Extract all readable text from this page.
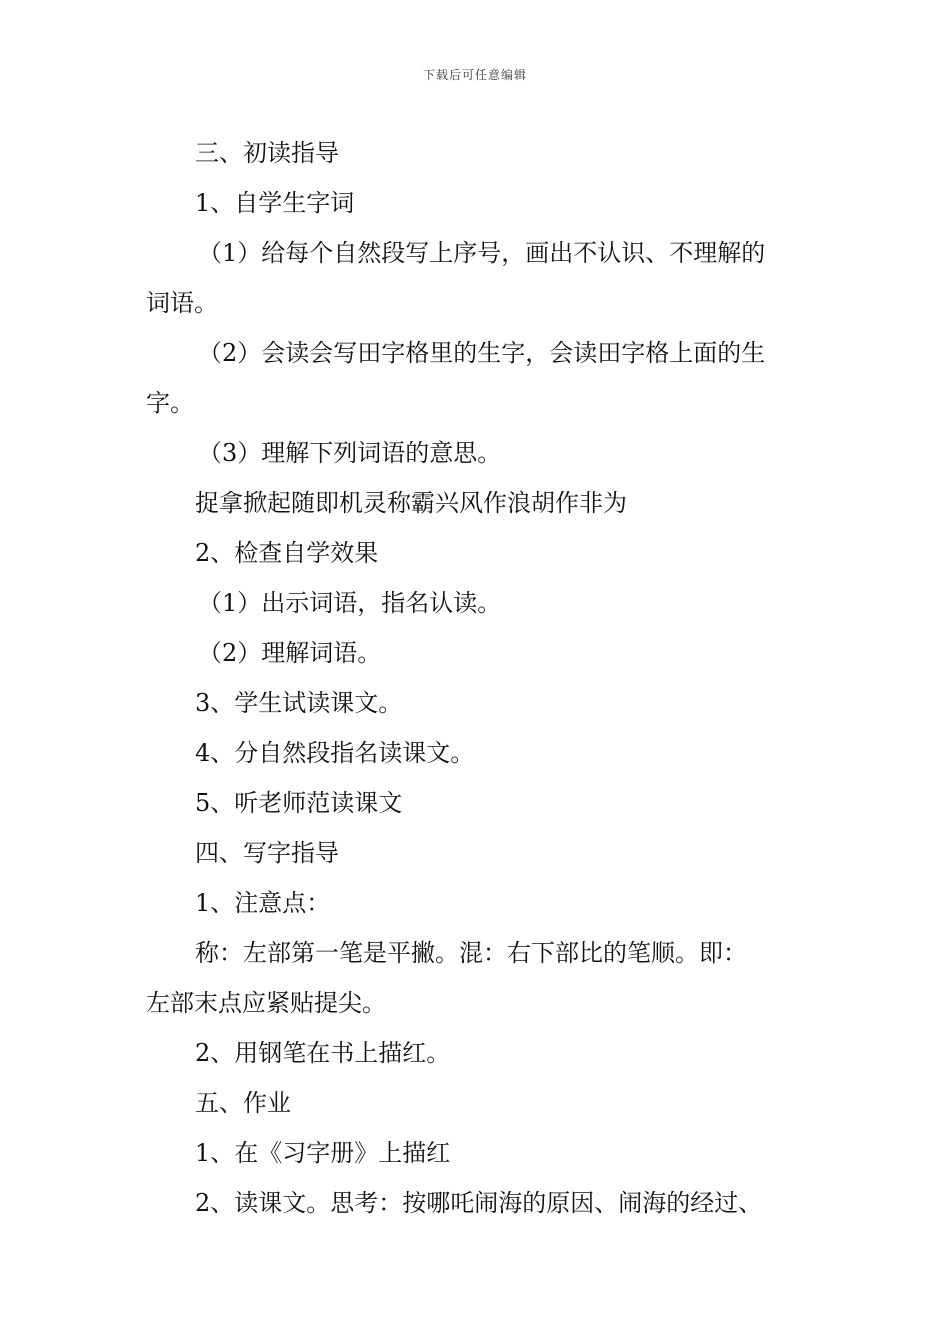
下载后可任意编辑
三、初读指导
1、自学生字词
（1）给每个自然段写上序号，画出不认识、不理解的
词语。
（2）会读会写田字格里的生字，会读田字格上面的生
字。
（3）理解下列词语的意思。
捉拿掀起随即机灵称霸兴风作浪胡作非为
2、检查自学效果
（1）出示词语，指名认读。
（2）理解词语。
3、学生试读课文。
4、分自然段指名读课文。
5、听老师范读课文
四、写字指导
1、注意点：
称：左部第一笔是平撇。混：右下部比的笔顺。即：
左部末点应紧贴提尖。
2、用钢笔在书上描红。
五、作业
1、在《习字册》上描红
2、读课文。思考：按哪吒闹海的原因、闹海的经过、
